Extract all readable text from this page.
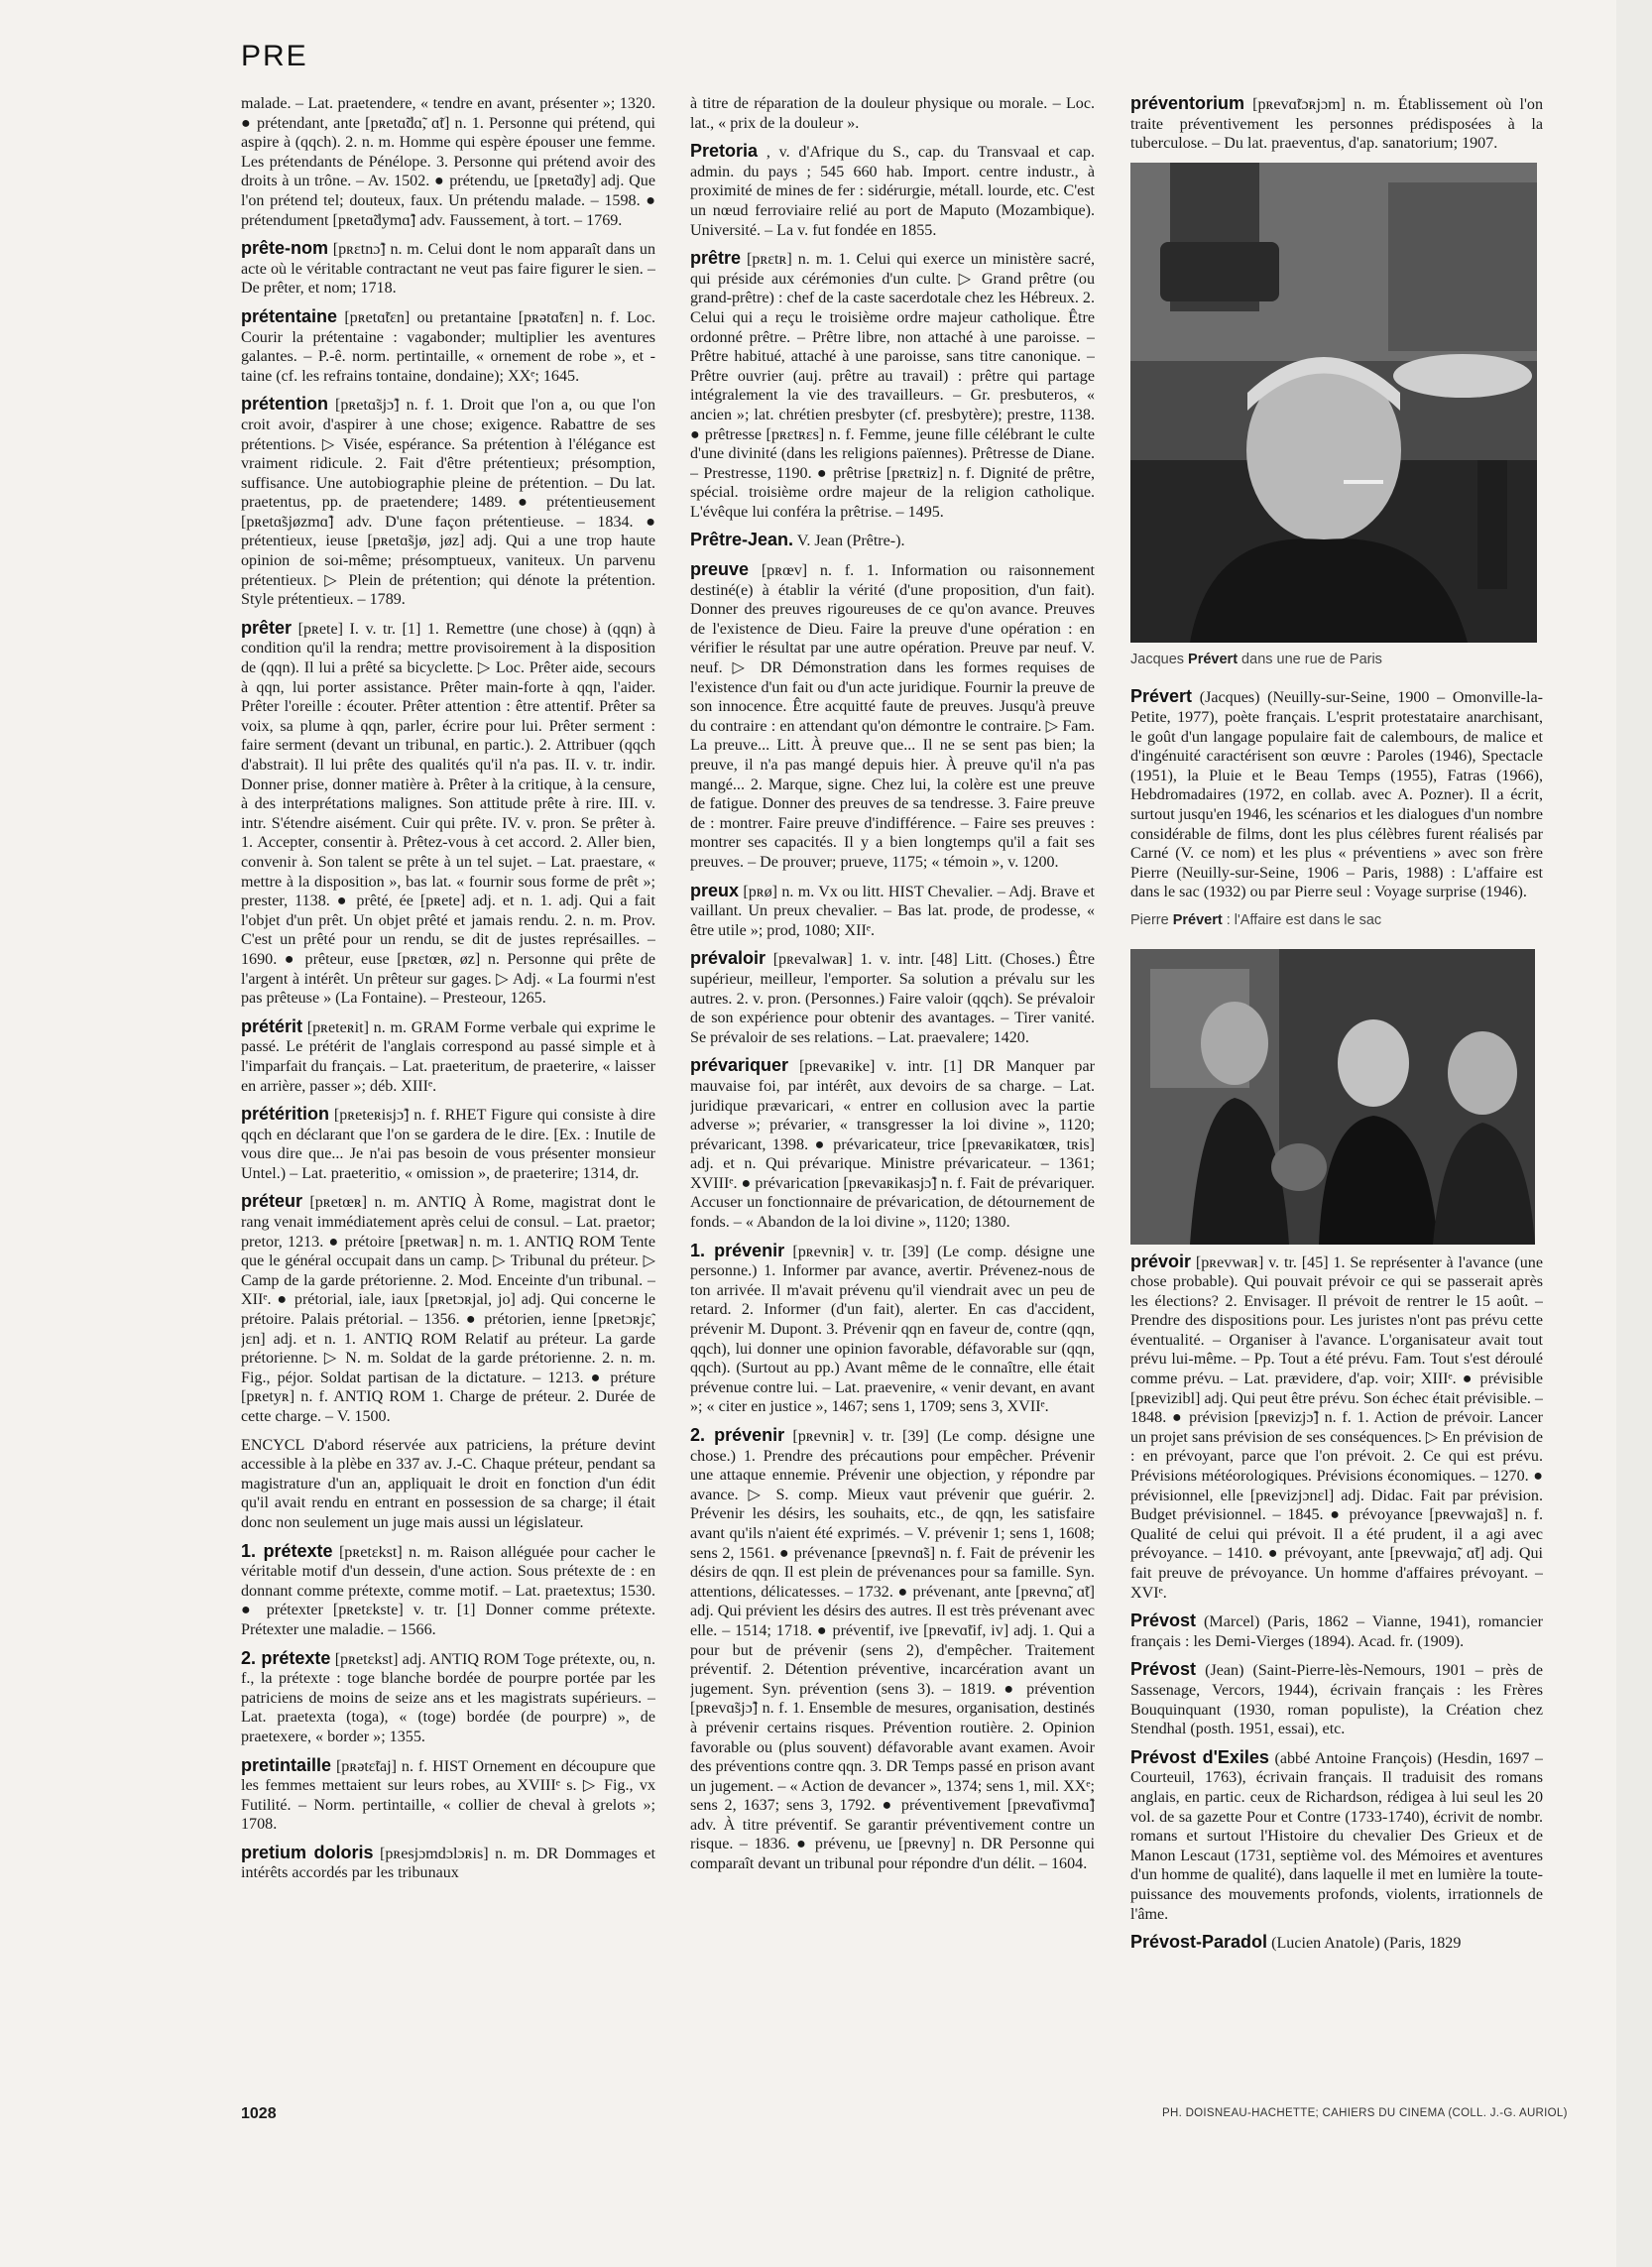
PRE

malade. – Lat. praetendere, « tendre en avant, présenter »; 1320. ● prétendant, ante [pʀetɑ̃dɑ̃, ɑ̃t] n. 1. Personne qui prétend, qui aspire à (qqch). 2. n. m. Homme qui espère épouser une femme. Les prétendants de Pénélope. 3. Personne qui prétend avoir des droits à un trône. – Av. 1502. ● prétendu, ue [pʀetɑ̃dy] adj. Que l'on prétend tel; douteux, faux. Un prétendu malade. – 1598. ● prétendument [pʀetɑ̃dymɑ̃] adv. Faussement, à tort. – 1769.

prête-nom [pʀɛtnɔ̃] n. m. Celui dont le nom apparaît dans un acte où le véritable contractant ne veut pas faire figurer le sien. – De prêter, et nom; 1718.

prétentaine [pʀetɑ̃tɛn] ou pretantaine [pʀətɑ̃tɛn] n. f. Loc. Courir la prétentaine : vagabonder; multiplier les aventures galantes. – P.-ê. norm. pertintaille, « ornement de robe », et -taine (cf. les refrains tontaine, dondaine); XXᵉ; 1645.

prétention [pʀetɑ̃sjɔ̃] n. f. 1. Droit que l'on a, ou que l'on croit avoir, d'aspirer à une chose; exigence. Rabattre de ses prétentions. ▷ Visée, espérance. Sa prétention à l'élégance est vraiment ridicule. 2. Fait d'être prétentieux; présomption, suffisance. Une autobiographie pleine de prétention. – Du lat. praetentus, pp. de praetendere; 1489. ● prétentieusement [pʀetɑ̃sjøzmɑ̃] adv. D'une façon prétentieuse. – 1834. ● prétentieux, ieuse [pʀetɑ̃sjø, jøz] adj. Qui a une trop haute opinion de soi-même; présomptueux, vaniteux. Un parvenu prétentieux. ▷ Plein de prétention; qui dénote la prétention. Style prétentieux. – 1789.

prêter [pʀete] I. v. tr. [1] 1. Remettre (une chose) à (qqn) à condition qu'il la rendra; mettre provisoirement à la disposition de (qqn). Il lui a prêté sa bicyclette. ▷ Loc. Prêter aide, secours à qqn, lui porter assistance. Prêter main-forte à qqn, l'aider. Prêter l'oreille : écouter. Prêter attention : être attentif. Prêter sa voix, sa plume à qqn, parler, écrire pour lui. Prêter serment : faire serment (devant un tribunal, en partic.). 2. Attribuer (qqch d'abstrait). Il lui prête des qualités qu'il n'a pas. II. v. tr. indir. Donner prise, donner matière à. Prêter à la critique, à la censure, à des interprétations malignes. Son attitude prête à rire. III. v. intr. S'étendre aisément. Cuir qui prête. IV. v. pron. Se prêter à. 1. Accepter, consentir à. Prêtez-vous à cet accord. 2. Aller bien, convenir à. Son talent se prête à un tel sujet. – Lat. praestare, « mettre à la disposition », bas lat. « fournir sous forme de prêt »; prester, 1138. ● prêté, ée [pʀete] adj. et n. 1. adj. Qui a fait l'objet d'un prêt. Un objet prêté et jamais rendu. 2. n. m. Prov. C'est un prêté pour un rendu, se dit de justes représailles. – 1690. ● prêteur, euse [pʀɛtœʀ, øz] n. Personne qui prête de l'argent à intérêt. Un prêteur sur gages. ▷ Adj. « La fourmi n'est pas prêteuse » (La Fontaine). – Presteour, 1265.

prétérit [pʀeteʀit] n. m. GRAM Forme verbale qui exprime le passé. Le prétérit de l'anglais correspond au passé simple et à l'imparfait du français. – Lat. praeteritum, de praeterire, « laisser en arrière, passer »; déb. XIIIᵉ.

prétérition [pʀeteʀisjɔ̃] n. f. RHET Figure qui consiste à dire qqch en déclarant que l'on se gardera de le dire. [Ex. : Inutile de vous dire que... Je n'ai pas besoin de vous présenter monsieur Untel.) – Lat. praeteritio, « omission », de praeterire; 1314, dr.

préteur [pʀetœʀ] n. m. ANTIQ À Rome, magistrat dont le rang venait immédiatement après celui de consul. – Lat. praetor; pretor, 1213. ● prétoire [pʀetwaʀ] n. m. 1. ANTIQ ROM Tente que le général occupait dans un camp. ▷ Tribunal du préteur. ▷ Camp de la garde prétorienne. 2. Mod. Enceinte d'un tribunal. – XIIᵉ. ● prétorial, iale, iaux [pʀetɔʀjal, jo] adj. Qui concerne le prétoire. Palais prétorial. – 1356. ● prétorien, ienne [pʀetɔʀjɛ̃, jɛn] adj. et n. 1. ANTIQ ROM Relatif au préteur. La garde prétorienne. ▷ N. m. Soldat de la garde prétorienne. 2. n. m. Fig., péjor. Soldat partisan de la dictature. – 1213. ● préture [pʀetyʀ] n. f. ANTIQ ROM 1. Charge de préteur. 2. Durée de cette charge. – V. 1500.

ENCYCL D'abord réservée aux patriciens, la préture devint accessible à la plèbe en 337 av. J.-C. Chaque préteur, pendant sa magistrature d'un an, appliquait le droit en fonction d'un édit qu'il avait rendu en entrant en possession de sa charge; il était donc non seulement un juge mais aussi un législateur.

1. prétexte [pʀetɛkst] n. m. Raison alléguée pour cacher le véritable motif d'un dessein, d'une action. Sous prétexte de : en donnant comme prétexte, comme motif. – Lat. praetextus; 1530. ● prétexter [pʀetɛkste] v. tr. [1] Donner comme prétexte. Prétexter une maladie. – 1566.

2. prétexte [pʀetɛkst] adj. ANTIQ ROM Toge prétexte, ou, n. f., la prétexte : toge blanche bordée de pourpre portée par les patriciens de moins de seize ans et les magistrats supérieurs. – Lat. praetexta (toga), « (toge) bordée (de pourpre) », de praetexere, « border »; 1355.

pretintaille [pʀətɛ̃taj] n. f. HIST Ornement en découpure que les femmes mettaient sur leurs robes, au XVIIIᵉ s. ▷ Fig., vx Futilité. – Norm. pertintaille, « collier de cheval à grelots »; 1708.

pretium doloris [pʀesjɔmdɔlɔʀis] n. m. DR Dommages et intérêts accordés par les tribunaux

à titre de réparation de la douleur physique ou morale. – Loc. lat., « prix de la douleur ».

Pretoria , v. d'Afrique du S., cap. du Transvaal et cap. admin. du pays ; 545 660 hab. Import. centre industr., à proximité de mines de fer : sidérurgie, métall. lourde, etc. C'est un nœud ferroviaire relié au port de Maputo (Mozambique). Université. – La v. fut fondée en 1855.

prêtre [pʀɛtʀ] n. m. 1. Celui qui exerce un ministère sacré, qui préside aux cérémonies d'un culte. ▷ Grand prêtre (ou grand-prêtre) : chef de la caste sacerdotale chez les Hébreux. 2. Celui qui a reçu le troisième ordre majeur catholique. Être ordonné prêtre. – Prêtre libre, non attaché à une paroisse. – Prêtre habitué, attaché à une paroisse, sans titre canonique. – Prêtre ouvrier (auj. prêtre au travail) : prêtre qui partage intégralement la vie des travailleurs. – Gr. presbuteros, « ancien »; lat. chrétien presbyter (cf. presbytère); prestre, 1138. ● prêtresse [pʀɛtʀɛs] n. f. Femme, jeune fille célébrant le culte d'une divinité (dans les religions païennes). Prêtresse de Diane. – Prestresse, 1190. ● prêtrise [pʀɛtʀiz] n. f. Dignité de prêtre, spécial. troisième ordre majeur de la religion catholique. L'évêque lui conféra la prêtrise. – 1495.

Prêtre-Jean. V. Jean (Prêtre-).

preuve [pʀœv] n. f. 1. Information ou raisonnement destiné(e) à établir la vérité (d'une proposition, d'un fait). Donner des preuves rigoureuses de ce qu'on avance. Preuves de l'existence de Dieu. Faire la preuve d'une opération : en vérifier le résultat par une autre opération. Preuve par neuf. V. neuf. ▷ DR Démonstration dans les formes requises de l'existence d'un fait ou d'un acte juridique. Fournir la preuve de son innocence. Être acquitté faute de preuves. Jusqu'à preuve du contraire : en attendant qu'on démontre le contraire. ▷ Fam. La preuve... Litt. À preuve que... Il ne se sent pas bien; la preuve, il n'a pas mangé depuis hier. À preuve qu'il n'a pas mangé... 2. Marque, signe. Chez lui, la colère est une preuve de fatigue. Donner des preuves de sa tendresse. 3. Faire preuve de : montrer. Faire preuve d'indifférence. – Faire ses preuves : montrer ses capacités. Il y a bien longtemps qu'il a fait ses preuves. – De prouver; prueve, 1175; « témoin », v. 1200.

preux [pʀø] n. m. Vx ou litt. HIST Chevalier. – Adj. Brave et vaillant. Un preux chevalier. – Bas lat. prode, de prodesse, « être utile »; prod, 1080; XIIᵉ.

prévaloir [pʀevalwaʀ] 1. v. intr. [48] Litt. (Choses.) Être supérieur, meilleur, l'emporter. Sa solution a prévalu sur les autres. 2. v. pron. (Personnes.) Faire valoir (qqch). Se prévaloir de son expérience pour obtenir des avantages. – Tirer vanité. Se prévaloir de ses relations. – Lat. praevalere; 1420.

prévariquer [pʀevaʀike] v. intr. [1] DR Manquer par mauvaise foi, par intérêt, aux devoirs de sa charge. – Lat. juridique prævaricari, « entrer en collusion avec la partie adverse »; prévarier, « transgresser la loi divine », 1120; prévaricant, 1398. ● prévaricateur, trice [pʀevaʀikatœʀ, tʀis] adj. et n. Qui prévarique. Ministre prévaricateur. – 1361; XVIIIᵉ. ● prévarication [pʀevaʀikasjɔ̃] n. f. Fait de prévariquer. Accuser un fonctionnaire de prévarication, de détournement de fonds. – « Abandon de la loi divine », 1120; 1380.

1. prévenir [pʀevniʀ] v. tr. [39] (Le comp. désigne une personne.) 1. Informer par avance, avertir. Prévenez-nous de ton arrivée. Il m'avait prévenu qu'il viendrait avec un peu de retard. 2. Informer (d'un fait), alerter. En cas d'accident, prévenir M. Dupont. 3. Prévenir qqn en faveur de, contre (qqn, qqch), lui donner une opinion favorable, défavorable sur (qqn, qqch). (Surtout au pp.) Avant même de le connaître, elle était prévenue contre lui. – Lat. praevenire, « venir devant, en avant »; « citer en justice », 1467; sens 1, 1709; sens 3, XVIIᵉ.

2. prévenir [pʀevniʀ] v. tr. [39] (Le comp. désigne une chose.) 1. Prendre des précautions pour empêcher. Prévenir une attaque ennemie. Prévenir une objection, y répondre par avance. ▷ S. comp. Mieux vaut prévenir que guérir. 2. Prévenir les désirs, les souhaits, etc., de qqn, les satisfaire avant qu'ils n'aient été exprimés. – V. prévenir 1; sens 1, 1608; sens 2, 1561. ● prévenance [pʀevnɑ̃s] n. f. Fait de prévenir les désirs de qqn. Il est plein de prévenances pour sa famille. Syn. attentions, délicatesses. – 1732. ● prévenant, ante [pʀevnɑ̃, ɑ̃t] adj. Qui prévient les désirs des autres. Il est très prévenant avec elle. – 1514; 1718. ● préventif, ive [pʀevɑ̃tif, iv] adj. 1. Qui a pour but de prévenir (sens 2), d'empêcher. Traitement préventif. 2. Détention préventive, incarcération avant un jugement. Syn. prévention (sens 3). – 1819. ● prévention [pʀevɑ̃sjɔ̃] n. f. 1. Ensemble de mesures, organisation, destinés à prévenir certains risques. Prévention routière. 2. Opinion favorable ou (plus souvent) défavorable avant examen. Avoir des préventions contre qqn. 3. DR Temps passé en prison avant un jugement. – « Action de devancer », 1374; sens 1, mil. XXᵉ; sens 2, 1637; sens 3, 1792. ● préventivement [pʀevɑ̃tivmɑ̃] adv. À titre préventif. Se garantir préventivement contre un risque. – 1836. ● prévenu, ue [pʀevny] n. DR Personne qui comparaît devant un tribunal pour répondre d'un délit. – 1604.

préventorium [pʀevɑ̃tɔʀjɔm] n. m. Établissement où l'on traite préventivement les personnes prédisposées à la tuberculose. – Du lat. praeventus, d'ap. sanatorium; 1907.

Jacques Prévert dans une rue de Paris

Prévert (Jacques) (Neuilly-sur-Seine, 1900 – Omonville-la-Petite, 1977), poète français. L'esprit protestataire anarchisant, le goût d'un langage populaire fait de calembours, de malice et d'ingénuité caractérisent son œuvre : Paroles (1946), Spectacle (1951), la Pluie et le Beau Temps (1955), Fatras (1966), Hebdromadaires (1972, en collab. avec A. Pozner). Il a écrit, surtout jusqu'en 1946, les scénarios et les dialogues d'un nombre considérable de films, dont les plus célèbres furent réalisés par Carné (V. ce nom) et les plus « préventiens » avec son frère Pierre (Neuilly-sur-Seine, 1906 – Paris, 1988) : L'affaire est dans le sac (1932) ou par Pierre seul : Voyage surprise (1946).

Pierre Prévert : l'Affaire est dans le sac

prévoir [pʀevwaʀ] v. tr. [45] 1. Se représenter à l'avance (une chose probable). Qui pouvait prévoir ce qui se passerait après les élections? 2. Envisager. Il prévoit de rentrer le 15 août. – Prendre des dispositions pour. Les juristes n'ont pas prévu cette éventualité. – Organiser à l'avance. L'organisateur avait tout prévu lui-même. – Pp. Tout a été prévu. Fam. Tout s'est déroulé comme prévu. – Lat. prævidere, d'ap. voir; XIIIᵉ. ● prévisible [pʀevizibl] adj. Qui peut être prévu. Son échec était prévisible. – 1848. ● prévision [pʀevizjɔ̃] n. f. 1. Action de prévoir. Lancer un projet sans prévision de ses conséquences. ▷ En prévision de : en prévoyant, parce que l'on prévoit. 2. Ce qui est prévu. Prévisions météorologiques. Prévisions économiques. – 1270. ● prévisionnel, elle [pʀevizjɔnɛl] adj. Didac. Fait par prévision. Budget prévisionnel. – 1845. ● prévoyance [pʀevwajɑ̃s] n. f. Qualité de celui qui prévoit. Il a été prudent, il a agi avec prévoyance. – 1410. ● prévoyant, ante [pʀevwajɑ̃, ɑ̃t] adj. Qui fait preuve de prévoyance. Un homme d'affaires prévoyant. – XVIᵉ.

Prévost (Marcel) (Paris, 1862 – Vianne, 1941), romancier français : les Demi-Vierges (1894). Acad. fr. (1909).

Prévost (Jean) (Saint-Pierre-lès-Nemours, 1901 – près de Sassenage, Vercors, 1944), écrivain français : les Frères Bouquinquant (1930, roman populiste), la Création chez Stendhal (posth. 1951, essai), etc.

Prévost d'Exiles (abbé Antoine François) (Hesdin, 1697 – Courteuil, 1763), écrivain français. Il traduisit des romans anglais, en partic. ceux de Richardson, rédigea à lui seul les 20 vol. de sa gazette Pour et Contre (1733-1740), écrivit de nombr. romans et surtout l'Histoire du chevalier Des Grieux et de Manon Lescaut (1731, septième vol. des Mémoires et aventures d'un homme de qualité), dans laquelle il met en lumière la toute-puissance des mouvements profonds, violents, irrationnels de l'âme.

Prévost-Paradol (Lucien Anatole) (Paris, 1829

1028	PH. DOISNEAU-HACHETTE; CAHIERS DU CINEMA (COLL. J.-G. AURIOL)
